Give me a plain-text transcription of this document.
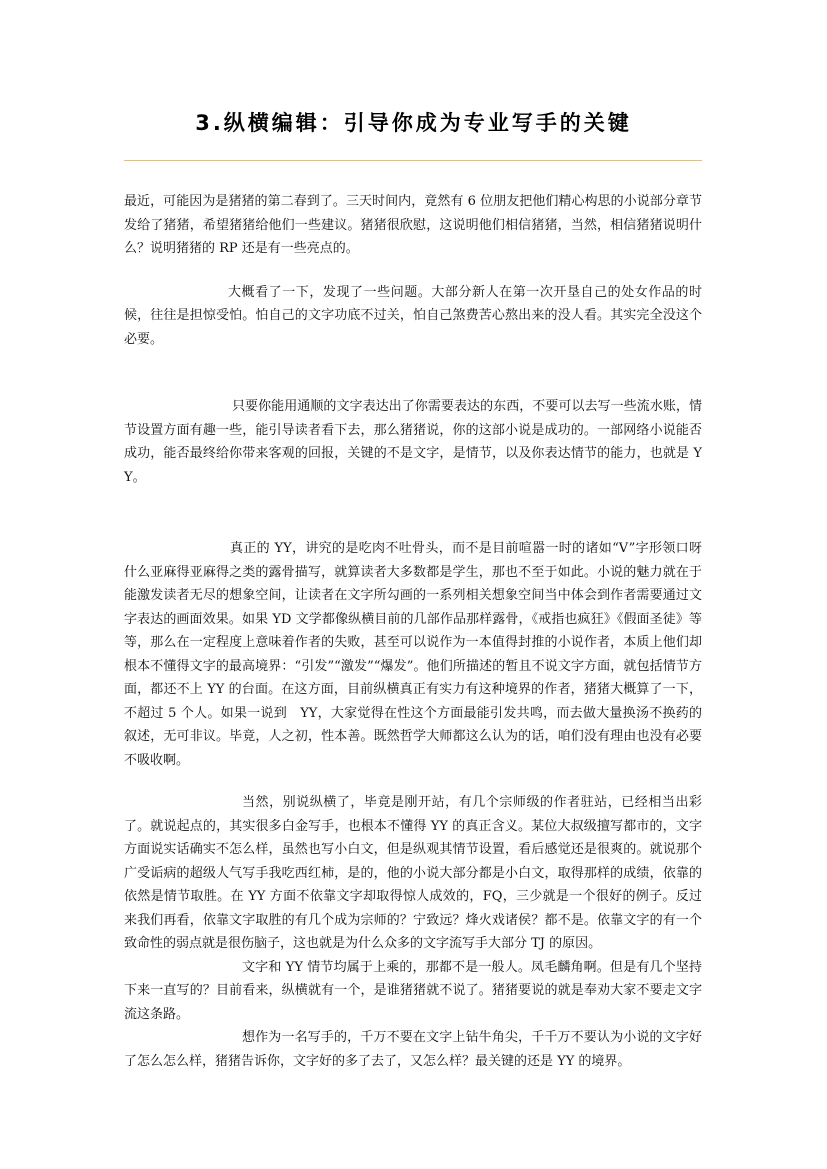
3.纵横编辑：引导你成为专业写手的关键

最近，可能因为是猪猪的第二春到了。三天时间内，竟然有 6 位朋友把他们精心构思的小说部分章节发给了猪猪，希望猪猪给他们一些建议。猪猪很欣慰，这说明他们相信猪猪，当然，相信猪猪说明什么？说明猪猪的 RP 还是有一些亮点的。

大概看了一下，发现了一些问题。大部分新人在第一次开垦自己的处女作品的时候，往往是担惊受怕。怕自己的文字功底不过关，怕自己煞费苦心熬出来的没人看。其实完全没这个必要。

只要你能用通顺的文字表达出了你需要表达的东西，不要可以去写一些流水账，情节设置方面有趣一些，能引导读者看下去，那么猪猪说，你的这部小说是成功的。一部网络小说能否成功，能否最终给你带来客观的回报，关键的不是文字，是情节，以及你表达情节的能力，也就是 YY。

真正的 YY，讲究的是吃肉不吐骨头，而不是目前喧嚣一时的诸如“V”字形领口呀什么亚麻得亚麻得之类的露骨描写，就算读者大多数都是学生，那也不至于如此。小说的魅力就在于能激发读者无尽的想象空间，让读者在文字所勾画的一系列相关想象空间当中体会到作者需要通过文字表达的画面效果。如果 YD 文学都像纵横目前的几部作品那样露骨，《戒指也疯狂》《假面圣徒》等等，那么在一定程度上意味着作者的失败，甚至可以说作为一本值得封推的小说作者，本质上他们却根本不懂得文字的最高境界：“引发”“激发”“爆发”。他们所描述的暂且不说文字方面，就包括情节方面，都还不上 YY 的台面。在这方面，目前纵横真正有实力有这种境界的作者，猪猪大概算了一下，不超过 5 个人。如果一说到　YY，大家觉得在性这个方面最能引发共鸣，而去做大量换汤不换药的叙述，无可非议。毕竟，人之初，性本善。既然哲学大师都这么认为的话，咱们没有理由也没有必要不吸收啊。

当然，别说纵横了，毕竟是刚开站，有几个宗师级的作者驻站，已经相当出彩了。就说起点的，其实很多白金写手，也根本不懂得 YY 的真正含义。某位大叔级擅写都市的，文字方面说实话确实不怎么样，虽然也写小白文，但是纵观其情节设置，看后感觉还是很爽的。就说那个广受诟病的超级人气写手我吃西红柿，是的，他的小说大部分都是小白文，取得那样的成绩，依靠的依然是情节取胜。在 YY 方面不依靠文字却取得惊人成效的，FQ，三少就是一个很好的例子。反过来我们再看，依靠文字取胜的有几个成为宗师的？宁致远？烽火戏诸侯？都不是。依靠文字的有一个致命性的弱点就是很伤脑子，这也就是为什么众多的文字流写手大部分 TJ 的原因。

文字和 YY 情节均属于上乘的，那都不是一般人。凤毛麟角啊。但是有几个坚持下来一直写的？目前看来，纵横就有一个，是谁猪猪就不说了。猪猪要说的就是奉劝大家不要走文字流这条路。

想作为一名写手的，千万不要在文字上钻牛角尖，千千万不要认为小说的文字好了怎么怎么样，猪猪告诉你，文字好的多了去了，又怎么样？最关键的还是 YY 的境界。
